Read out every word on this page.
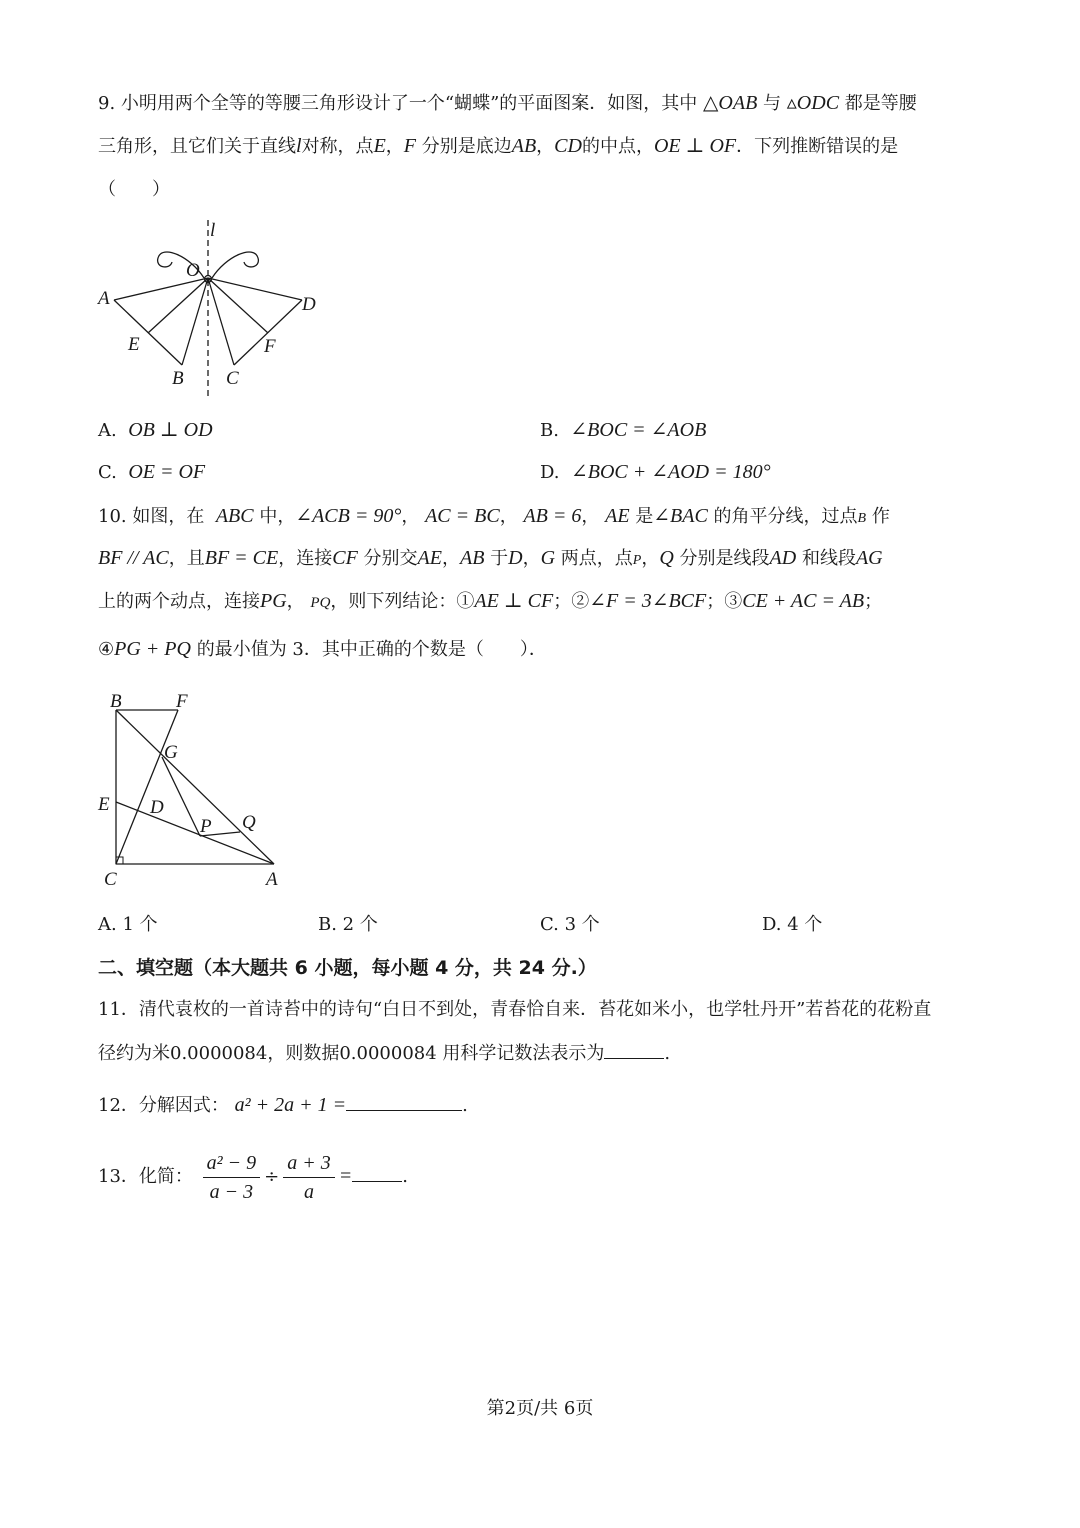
9. 小明用两个全等的等腰三角形设计了一个“蝴蝶”的平面图案．如图，其中 △OAB 与 ▵ODC 都是等腰
三角形，且它们关于直线l对称，点E，F 分别是底边AB，CD的中点，OE ⊥ OF．下列推断错误的是
（　　）
l
O
A	D
E	F
B C
A. OB ⊥ OD	B. ∠BOC = ∠AOB
C. OE = OF	D. ∠BOC + ∠AOD = 180°
10. 如图，在 ABC 中，∠ACB = 90°， AC = BC， AB = 6， AE 是∠BAC 的角平分线，过点B 作
BF // AC，且BF = CE，连接CF 分别交AE，AB 于D，G 两点，点P，Q 分别是线段AD 和线段AG
上的两个动点，连接PG， PQ，则下列结论：①AE ⊥ CF；②∠F = 3∠BCF；③CE + AC = AB；
④PG + PQ 的最小值为 3．其中正确的个数是（　　）．
B	F
G
E D
P Q
C	A
A. 1 个	B. 2 个	C. 3 个	D. 4 个
二、填空题（本大题共 6 小题，每小题 4 分，共 24 分.）
11．清代袁枚的一首诗苔中的诗句“白日不到处，青春恰自来．苔花如米小，也学牡丹开”若苔花的花粉直
径约为米0.0000084，则数据0.0000084 用科学记数法表示为	.
12．分解因式： a² + 2a + 1 =	.
13．化简： $\frac{\text{a² − 9}}{a - 3} \div \frac{a + 3}{a}$ =	.
第2页/共 6页
